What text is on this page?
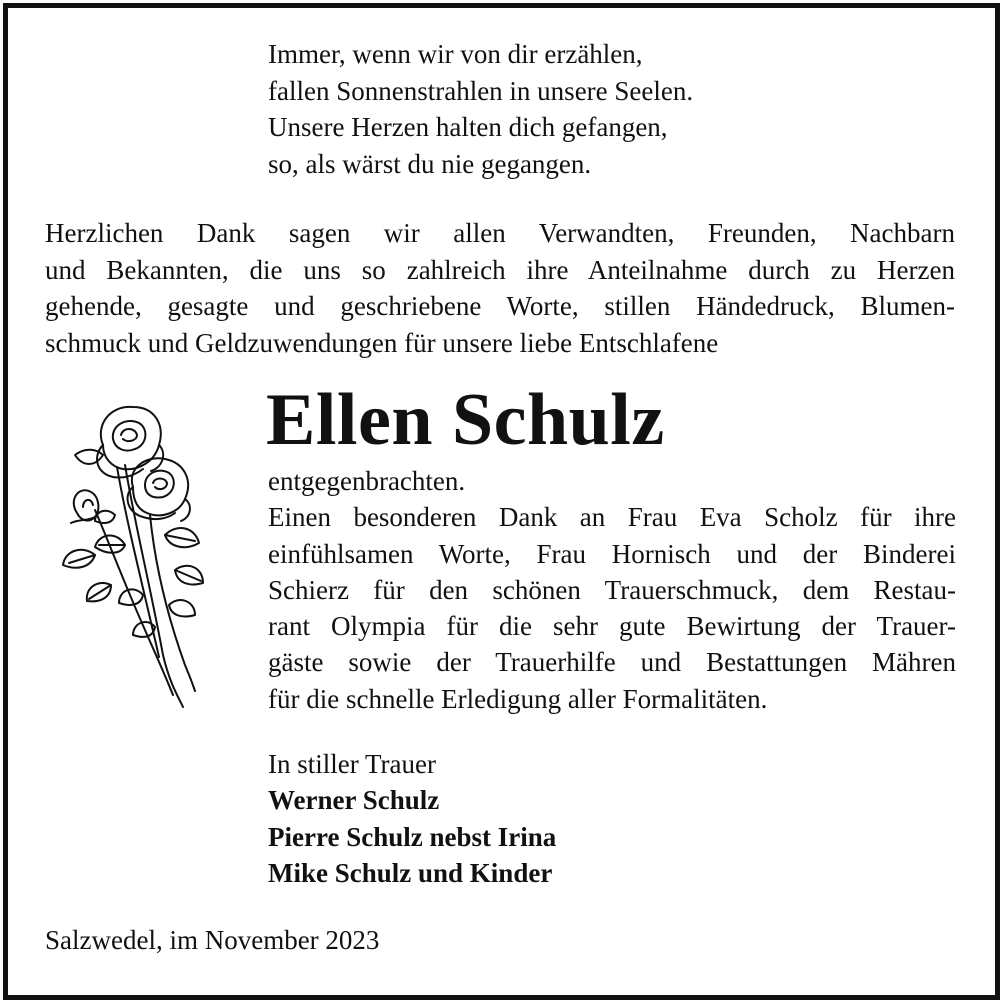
Immer, wenn wir von dir erzählen,
fallen Sonnenstrahlen in unsere Seelen.
Unsere Herzen halten dich gefangen,
so, als wärst du nie gegangen.
Herzlichen Dank sagen wir allen Verwandten, Freunden, Nachbarn
und Bekannten, die uns so zahlreich ihre Anteilnahme durch zu Herzen
gehende, gesagte und geschriebene Worte, stillen Händedruck, Blumen-
schmuck und Geldzuwendungen für unsere liebe Entschlafene
Ellen Schulz
entgegenbrachten.
Einen besonderen Dank an Frau Eva Scholz für ihre
einfühlsamen Worte, Frau Hornisch und der Binderei
Schierz für den schönen Trauerschmuck, dem Restau-
rant Olympia für die sehr gute Bewirtung der Trauer-
gäste sowie der Trauerhilfe und Bestattungen Mähren
für die schnelle Erledigung aller Formalitäten.
In stiller Trauer
Werner Schulz
Pierre Schulz nebst Irina
Mike Schulz und Kinder
Salzwedel, im November 2023
